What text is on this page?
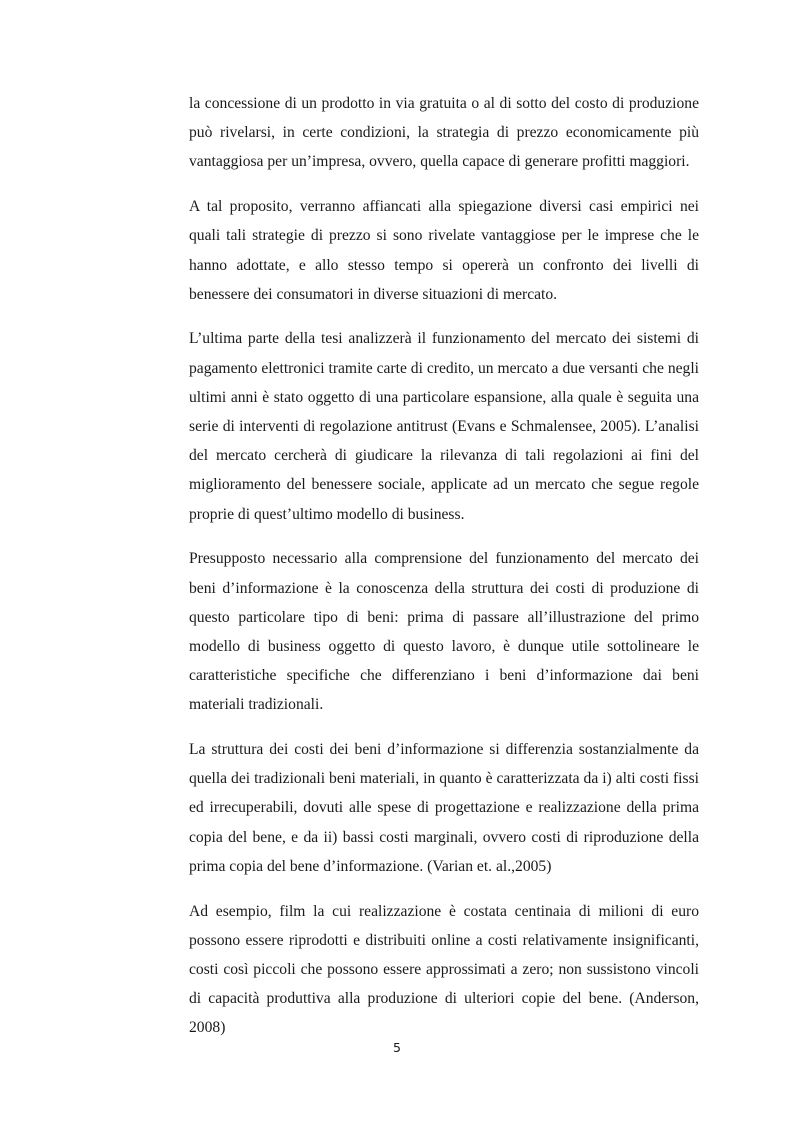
la concessione di un prodotto in via gratuita o al di sotto del costo di produzione può rivelarsi, in certe condizioni, la strategia di prezzo economicamente più vantaggiosa per un’impresa, ovvero, quella capace di generare profitti maggiori.

A tal proposito, verranno affiancati alla spiegazione diversi casi empirici nei quali tali strategie di prezzo si sono rivelate vantaggiose per le imprese che le hanno adottate, e allo stesso tempo si opererà un confronto dei livelli di benessere dei consumatori in diverse situazioni di mercato.

L’ultima parte della tesi analizzerà il funzionamento del mercato dei sistemi di pagamento elettronici tramite carte di credito, un mercato a due versanti che negli ultimi anni è stato oggetto di una particolare espansione, alla quale è seguita una serie di interventi di regolazione antitrust (Evans e Schmalensee, 2005). L’analisi del mercato cercherà di giudicare la rilevanza di tali regolazioni ai fini del miglioramento del benessere sociale, applicate ad un mercato che segue regole proprie di quest’ultimo modello di business.

Presupposto necessario alla comprensione del funzionamento del mercato dei beni d’informazione è la conoscenza della struttura dei costi di produzione di questo particolare tipo di beni: prima di passare all’illustrazione del primo modello di business oggetto di questo lavoro, è dunque utile sottolineare le caratteristiche specifiche che differenziano i beni d’informazione dai beni materiali tradizionali.

La struttura dei costi dei beni d’informazione si differenzia sostanzialmente da quella dei tradizionali beni materiali, in quanto è caratterizzata da i) alti costi fissi ed irrecuperabili, dovuti alle spese di progettazione e realizzazione della prima copia del bene, e da ii) bassi costi marginali, ovvero costi di riproduzione della prima copia del bene d’informazione. (Varian et. al.,2005)

Ad esempio, film la cui realizzazione è costata centinaia di milioni di euro possono essere riprodotti e distribuiti online a costi relativamente insignificanti, costi così piccoli che possono essere approssimati a zero; non sussistono vincoli di capacità produttiva alla produzione di ulteriori copie del bene. (Anderson, 2008)

5
